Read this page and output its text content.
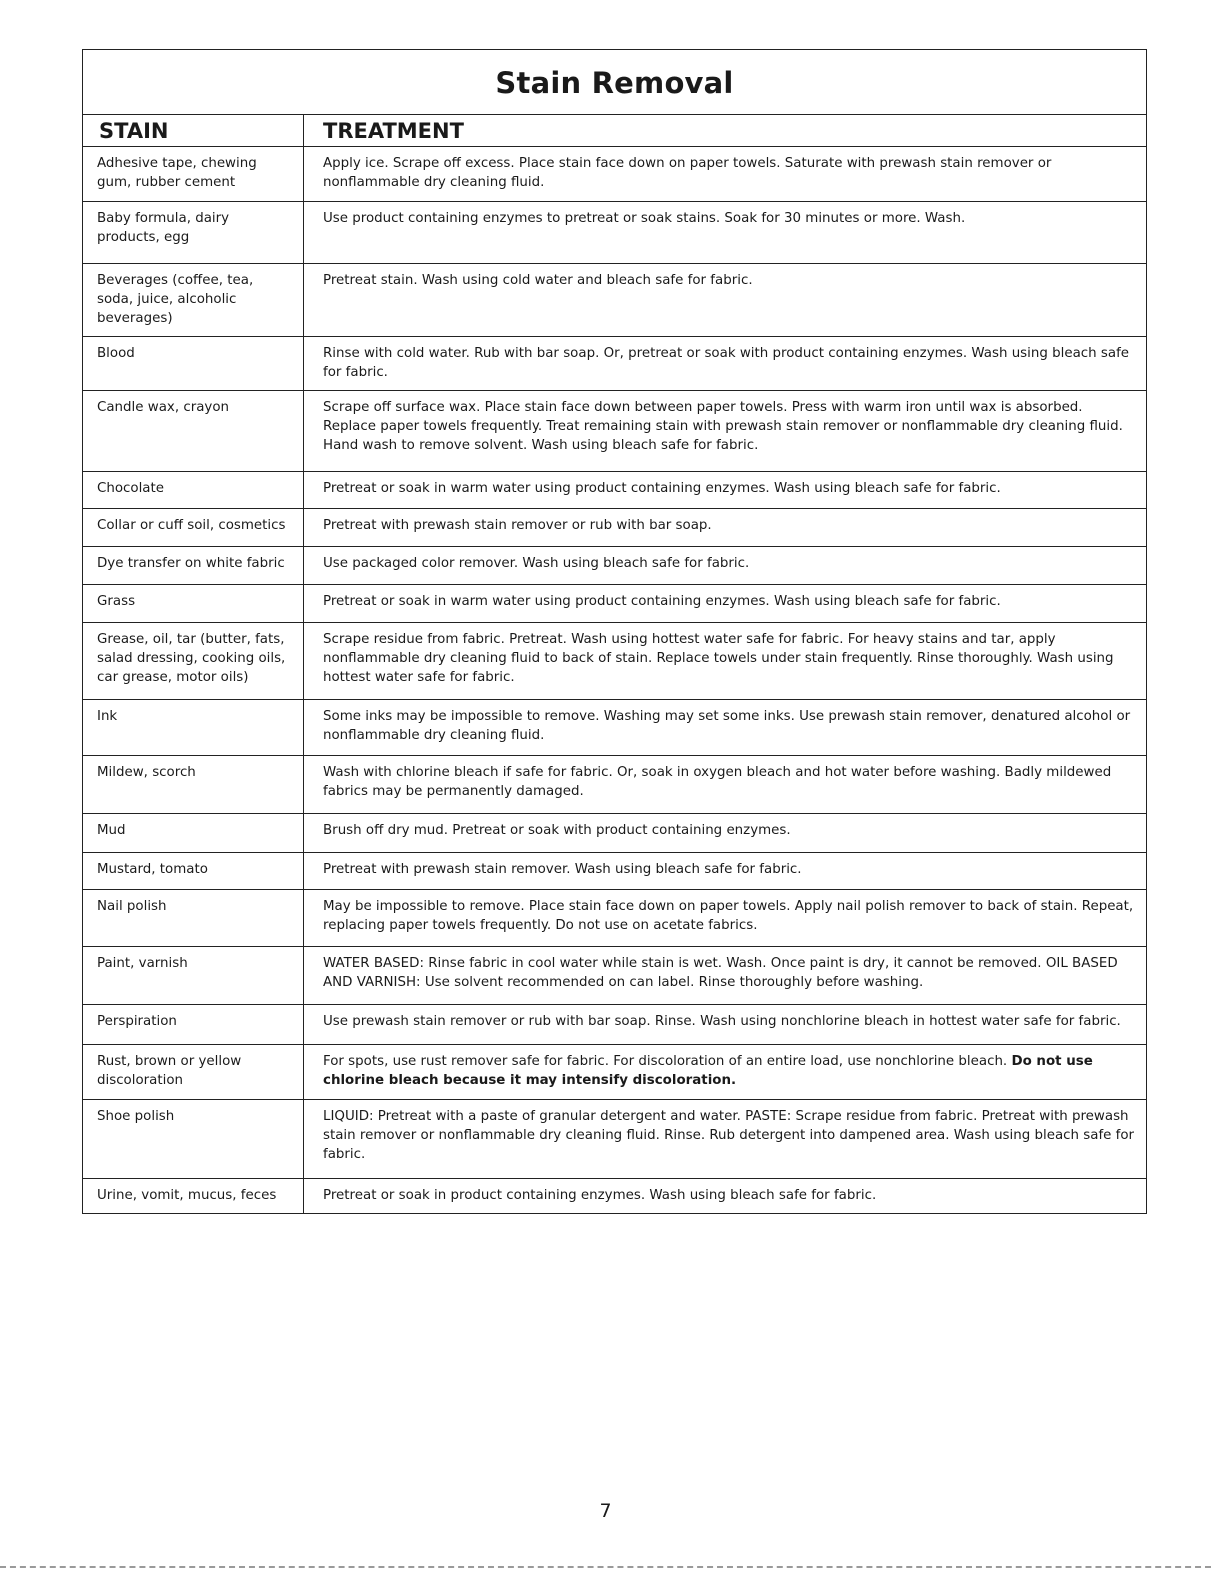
Stain Removal	

STAIN	TREATMENT

Adhesive tape, chewing gum, rubber cement	Apply ice. Scrape off excess. Place stain face down on paper towels. Saturate with prewash stain remover or nonflammable dry cleaning fluid.

Baby formula, dairy products, egg	Use product containing enzymes to pretreat or soak stains. Soak for 30 minutes or more. Wash.

Beverages (coffee, tea, soda, juice, alcoholic beverages)	Pretreat stain. Wash using cold water and bleach safe for fabric.

Blood	Rinse with cold water. Rub with bar soap. Or, pretreat or soak with product containing enzymes. Wash using bleach safe for fabric.

Candle wax, crayon	Scrape off surface wax. Place stain face down between paper towels. Press with warm iron until wax is absorbed. Replace paper towels frequently. Treat remaining stain with prewash stain remover or nonflammable dry cleaning fluid. Hand wash to remove solvent. Wash using bleach safe for fabric.

Chocolate	Pretreat or soak in warm water using product containing enzymes. Wash using bleach safe for fabric.

Collar or cuff soil, cosmetics	Pretreat with prewash stain remover or rub with bar soap.

Dye transfer on white fabric	Use packaged color remover. Wash using bleach safe for fabric.

Grass	Pretreat or soak in warm water using product containing enzymes. Wash using bleach safe for fabric.

Grease, oil, tar (butter, fats, salad dressing, cooking oils, car grease, motor oils)	Scrape residue from fabric. Pretreat. Wash using hottest water safe for fabric. For heavy stains and tar, apply nonflammable dry cleaning fluid to back of stain. Replace towels under stain frequently. Rinse thoroughly. Wash using hottest water safe for fabric.

Ink	Some inks may be impossible to remove. Washing may set some inks. Use prewash stain remover, denatured alcohol or nonflammable dry cleaning fluid.

Mildew, scorch	Wash with chlorine bleach if safe for fabric. Or, soak in oxygen bleach and hot water before washing. Badly mildewed fabrics may be permanently damaged.

Mud	Brush off dry mud. Pretreat or soak with product containing enzymes.

Mustard, tomato	Pretreat with prewash stain remover. Wash using bleach safe for fabric.

Nail polish	May be impossible to remove. Place stain face down on paper towels. Apply nail polish remover to back of stain. Repeat, replacing paper towels frequently. Do not use on acetate fabrics.

Paint, varnish	WATER BASED: Rinse fabric in cool water while stain is wet. Wash. Once paint is dry, it cannot be removed. OIL BASED AND VARNISH: Use solvent recommended on can label. Rinse thoroughly before washing.

Perspiration	Use prewash stain remover or rub with bar soap. Rinse. Wash using nonchlorine bleach in hottest water safe for fabric.

Rust, brown or yellow discoloration	For spots, use rust remover safe for fabric. For discoloration of an entire load, use nonchlorine bleach. Do not use chlorine bleach because it may intensify discoloration.

Shoe polish	LIQUID: Pretreat with a paste of granular detergent and water. PASTE: Scrape residue from fabric. Pretreat with prewash stain remover or nonflammable dry cleaning fluid. Rinse. Rub detergent into dampened area. Wash using bleach safe for fabric.

Urine, vomit, mucus, feces	Pretreat or soak in product containing enzymes. Wash using bleach safe for fabric.
7
